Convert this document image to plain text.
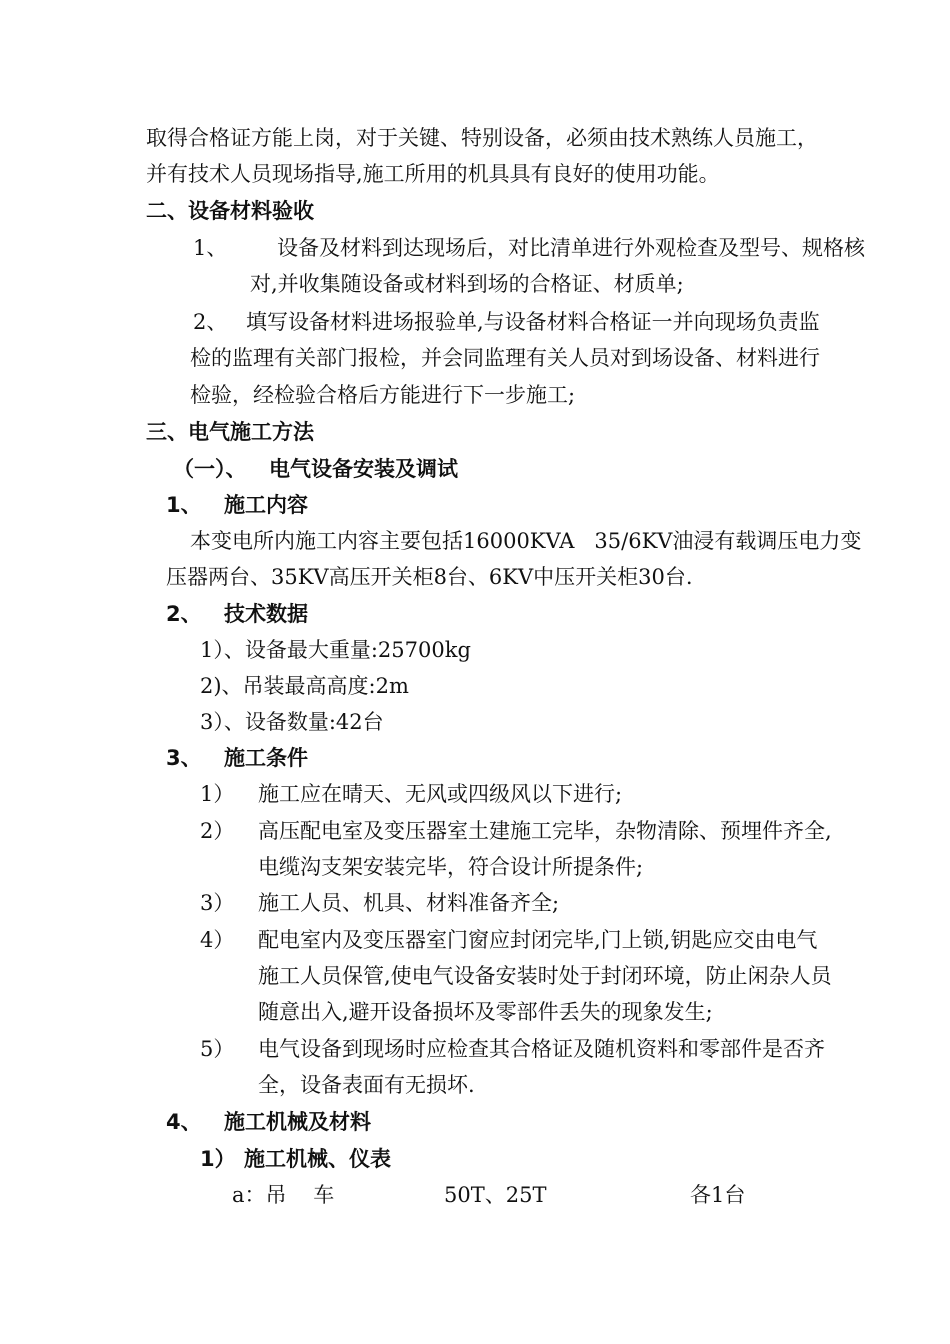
取得合格证方能上岗，对于关键、特别设备，必须由技术熟练人员施工，
并有技术人员现场指导,施工所用的机具具有良好的使用功能。
二、设备材料验收
1、 设备及材料到达现场后，对比清单进行外观检查及型号、规格核
对,并收集随设备或材料到场的合格证、材质单;
2、 填写设备材料进场报验单,与设备材料合格证一并向现场负责监
检的监理有关部门报检，并会同监理有关人员对到场设备、材料进行
检验，经检验合格后方能进行下一步施工;
三、电气施工方法
（一）、 电气设备安装及调试
1、 施工内容
本变电所内施工内容主要包括16000KVA   35/6KV油浸有载调压电力变
压器两台、35KV高压开关柜8台、6KV中压开关柜30台.
2、 技术数据
1）、设备最大重量:25700kg
2)、吊装最高高度:2m
3）、设备数量:42台
3、 施工条件
1） 施工应在晴天、无风或四级风以下进行;
2） 高压配电室及变压器室土建施工完毕，杂物清除、预埋件齐全,
电缆沟支架安装完毕，符合设计所提条件;
3） 施工人员、机具、材料准备齐全;
4） 配电室内及变压器室门窗应封闭完毕,门上锁,钥匙应交由电气
施工人员保管,使电气设备安装时处于封闭环境，防止闲杂人员
随意出入,避开设备损坏及零部件丢失的现象发生;
5） 电气设备到现场时应检查其合格证及随机资料和零部件是否齐
全，设备表面有无损坏.
4、 施工机械及材料
1） 施工机械、仪表
a：吊    车	50T、25T	各1台
